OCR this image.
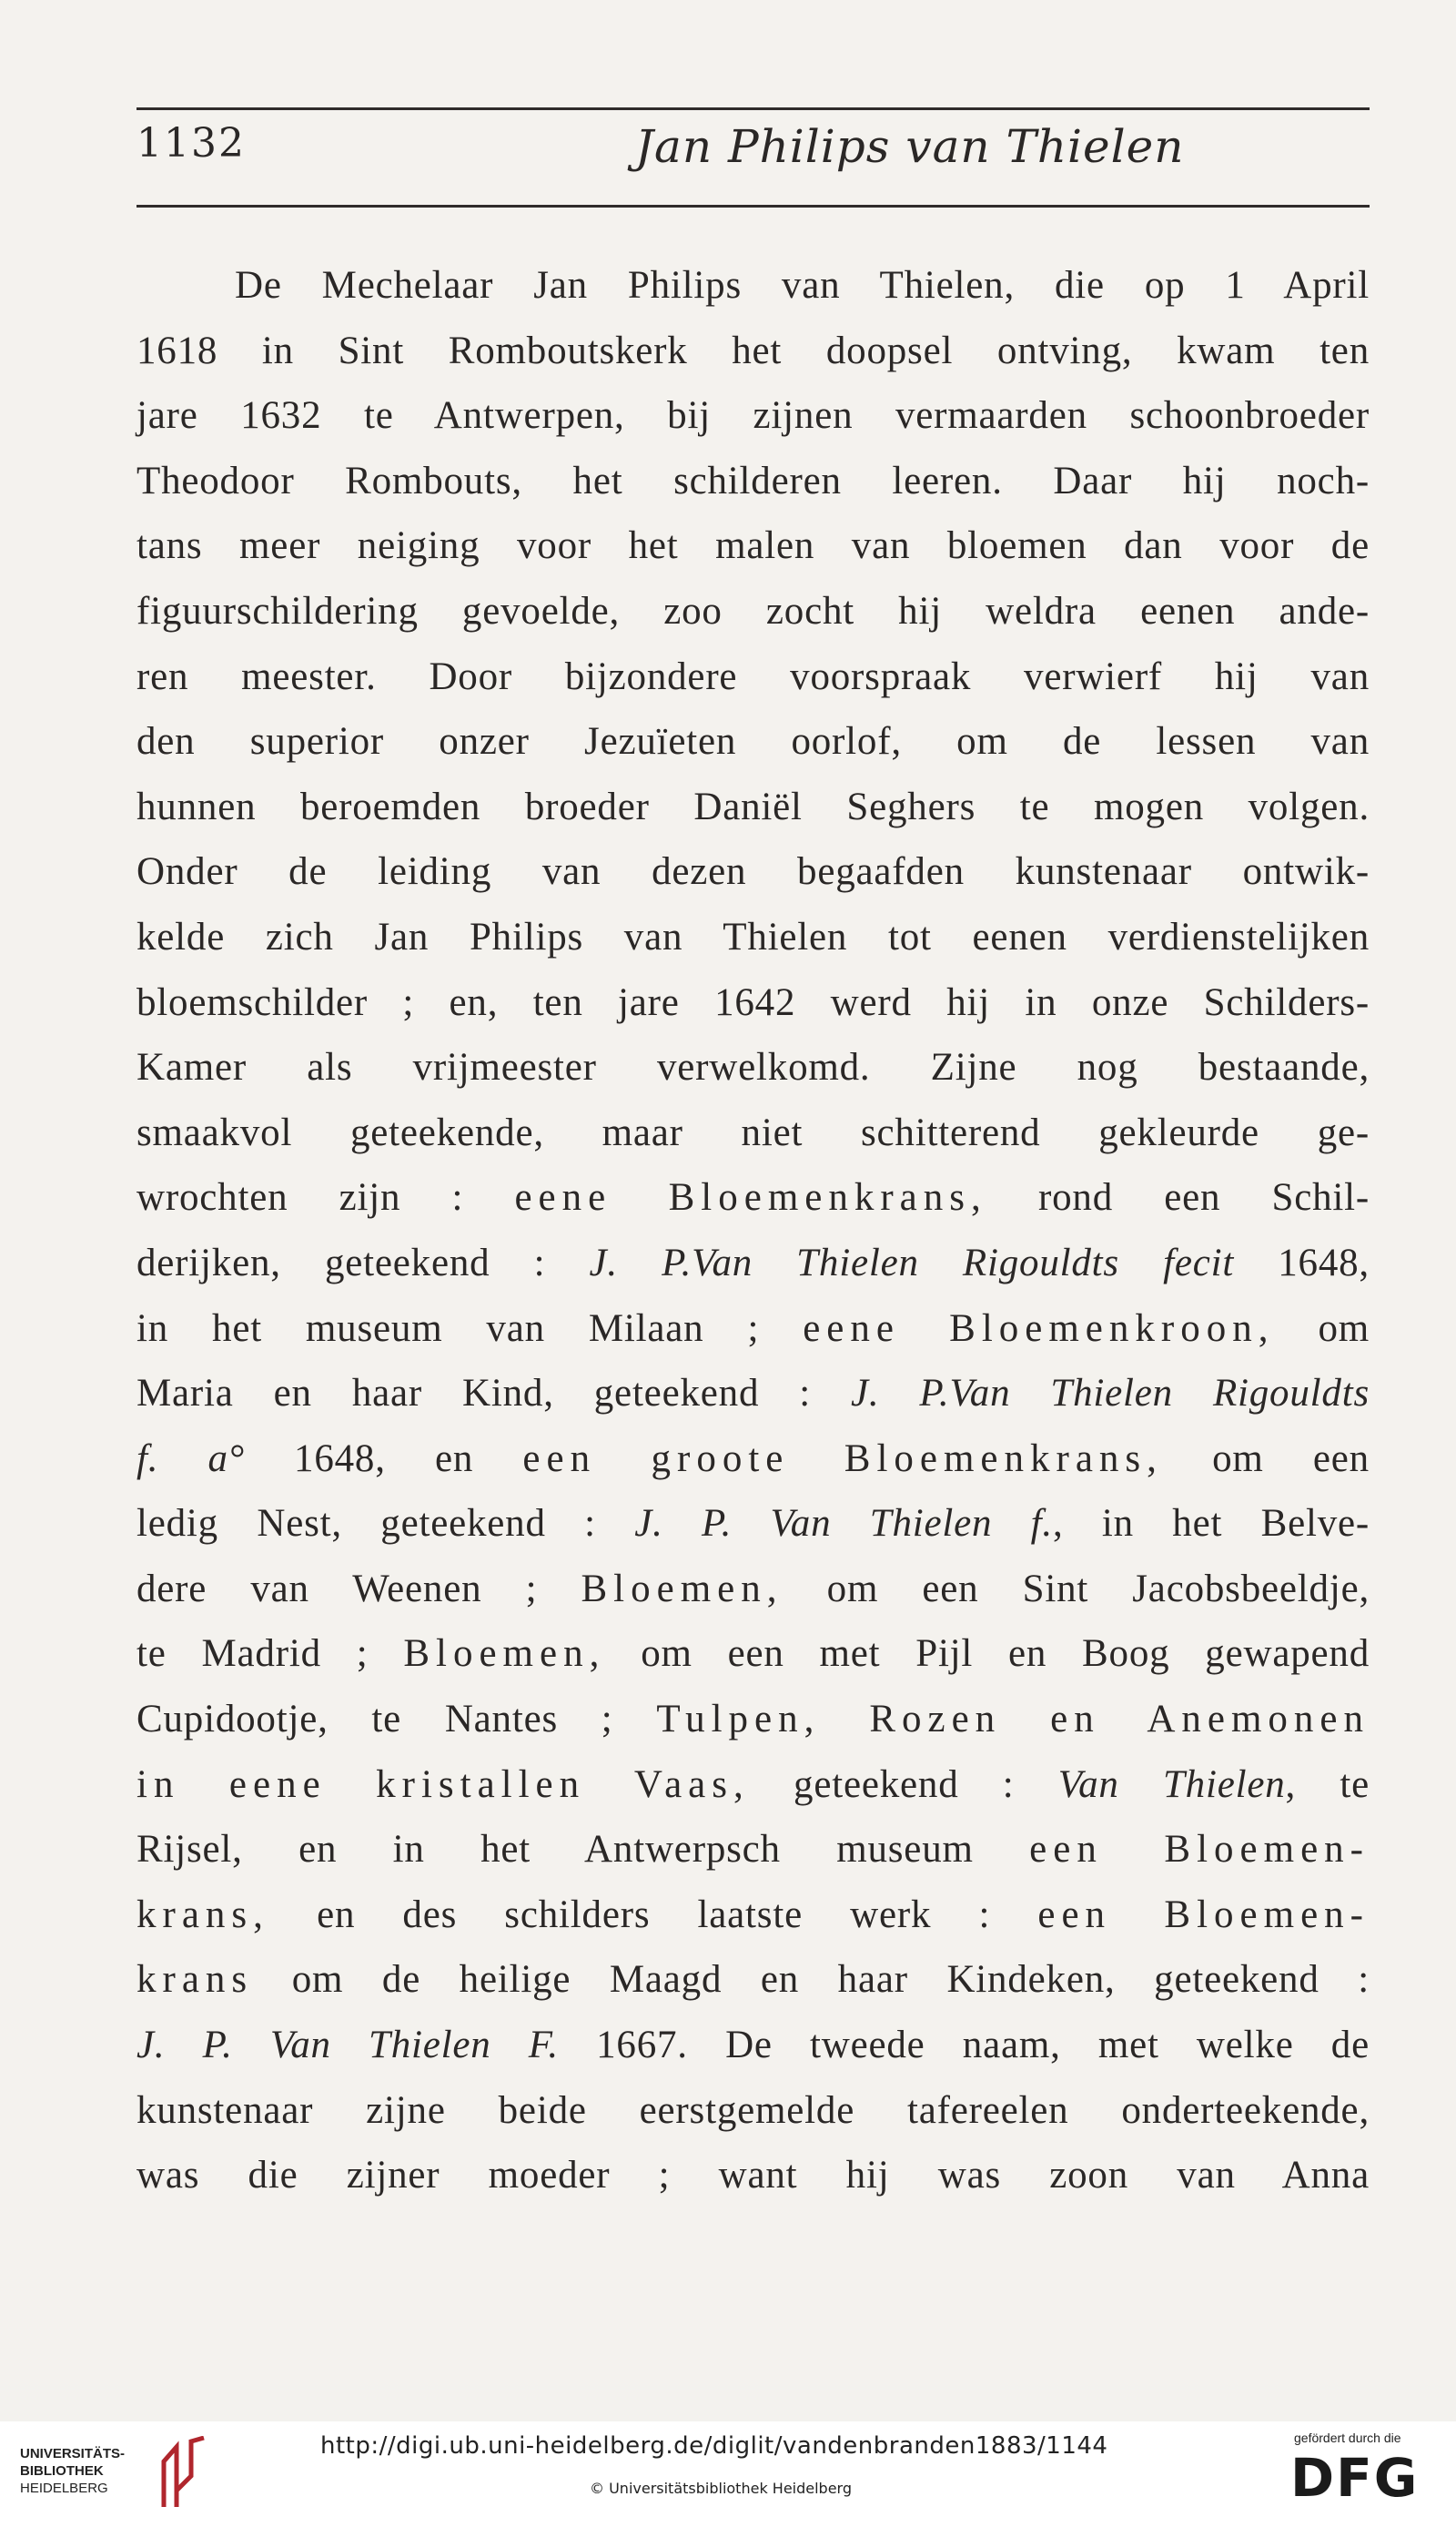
1132	Jan Philips van Thielen
De Mechelaar Jan Philips van Thielen, die op 1 April
1618 in Sint Romboutskerk het doopsel ontving, kwam ten
jare 1632 te Antwerpen, bij zijnen vermaarden schoonbroeder
Theodoor Rombouts, het schilderen leeren. Daar hij noch-
tans meer neiging voor het malen van bloemen dan voor de
figuurschildering gevoelde, zoo zocht hij weldra eenen ande-
ren meester. Door bijzondere voorspraak verwierf hij van
den superior onzer Jezuïeten oorlof, om de lessen van
hunnen beroemden broeder Daniël Seghers te mogen volgen.
Onder de leiding van dezen begaafden kunstenaar ontwik-
kelde zich Jan Philips van Thielen tot eenen verdienstelijken
bloemschilder ; en, ten jare 1642 werd hij in onze Schilders-
Kamer als vrijmeester verwelkomd. Zijne nog bestaande,
smaakvol geteekende, maar niet schitterend gekleurde ge-
wrochten zijn : eene Bloemenkrans, rond een Schil-
derijken, geteekend : J. P.Van Thielen Rigouldts fecit 1648,
in het museum van Milaan ; eene Bloemenkroon, om
Maria en haar Kind, geteekend : J. P.Van Thielen Rigouldts
f. a° 1648, en een groote Bloemenkrans, om een
ledig Nest, geteekend : J. P. Van Thielen f., in het Belve-
dere van Weenen ; Bloemen, om een Sint Jacobsbeeldje,
te Madrid ; Bloemen, om een met Pijl en Boog gewapend
Cupidootje, te Nantes ; Tulpen, Rozen en Anemonen
in eene kristallen Vaas, geteekend : Van Thielen, te
Rijsel, en in het Antwerpsch museum een Bloemen-
krans, en des schilders laatste werk : een Bloemen-
krans om de heilige Maagd en haar Kindeken, geteekend :
J. P. Van Thielen F. 1667. De tweede naam, met welke de
kunstenaar zijne beide eerstgemelde tafereelen onderteekende,
was die zijner moeder ; want hij was zoon van Anna
UNIVERSITÄTS-
BIBLIOTHEK
HEIDELBERG
http://digi.ub.uni-heidelberg.de/diglit/vandenbranden1883/1144
© Universitätsbibliothek Heidelberg
gefördert durch die
DFG
